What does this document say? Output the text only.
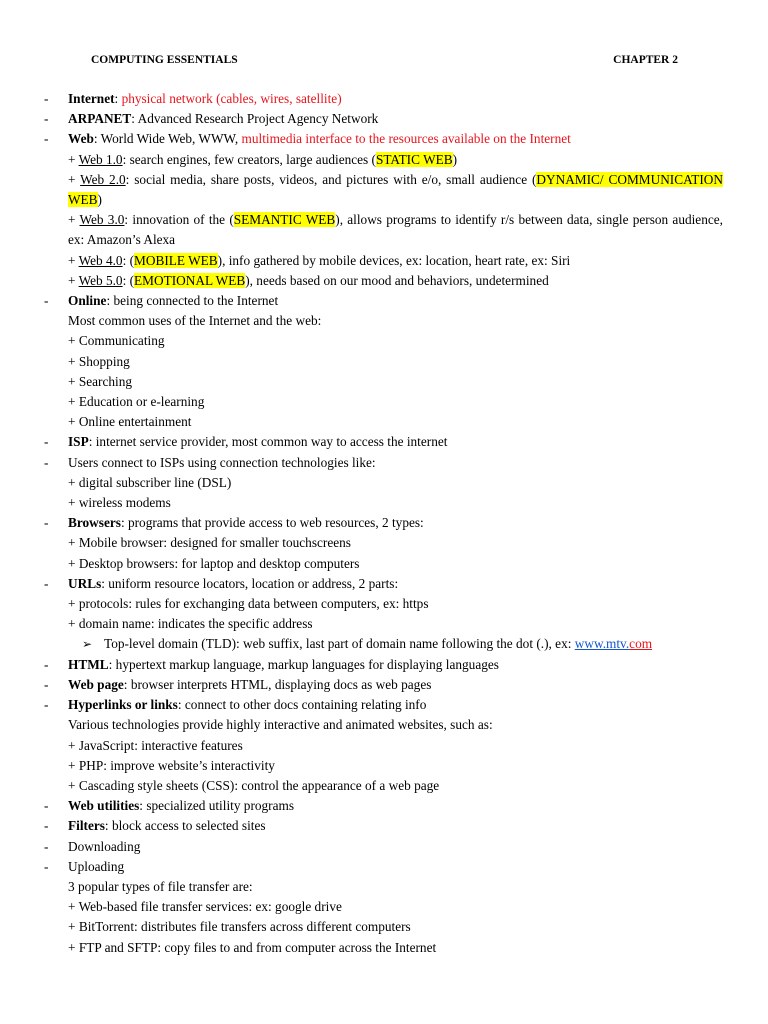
COMPUTING ESSENTIALS	CHAPTER 2
- Internet: physical network (cables, wires, satellite)
- ARPANET: Advanced Research Project Agency Network
- Web: World Wide Web, WWW, multimedia interface to the resources available on the Internet
+ Web 1.0: search engines, few creators, large audiences (STATIC WEB)
+ Web 2.0: social media, share posts, videos, and pictures with e/o, small audience (DYNAMIC/ COMMUNICATION WEB)
+ Web 3.0: innovation of the (SEMANTIC WEB), allows programs to identify r/s between data, single person audience, ex: Amazon’s Alexa
+ Web 4.0: (MOBILE WEB), info gathered by mobile devices, ex: location, heart rate, ex: Siri
+ Web 5.0: (EMOTIONAL WEB), needs based on our mood and behaviors, undetermined
- Online: being connected to the Internet
Most common uses of the Internet and the web:
+ Communicating
+ Shopping
+ Searching
+ Education or e-learning
+ Online entertainment
- ISP: internet service provider, most common way to access the internet
- Users connect to ISPs using connection technologies like:
+ digital subscriber line (DSL)
+ wireless modems
- Browsers: programs that provide access to web resources, 2 types:
+ Mobile browser: designed for smaller touchscreens
+ Desktop browsers: for laptop and desktop computers
- URLs: uniform resource locators, location or address, 2 parts:
+ protocols: rules for exchanging data between computers, ex: https
+ domain name: indicates the specific address
➢ Top-level domain (TLD): web suffix, last part of domain name following the dot (.), ex: www.mtv.com
- HTML: hypertext markup language, markup languages for displaying languages
- Web page: browser interprets HTML, displaying docs as web pages
- Hyperlinks or links: connect to other docs containing relating info
Various technologies provide highly interactive and animated websites, such as:
+ JavaScript: interactive features
+ PHP: improve website’s interactivity
+ Cascading style sheets (CSS): control the appearance of a web page
- Web utilities: specialized utility programs
- Filters: block access to selected sites
- Downloading
- Uploading
3 popular types of file transfer are:
+ Web-based file transfer services: ex: google drive
+ BitTorrent: distributes file transfers across different computers
+ FTP and SFTP: copy files to and from computer across the Internet
